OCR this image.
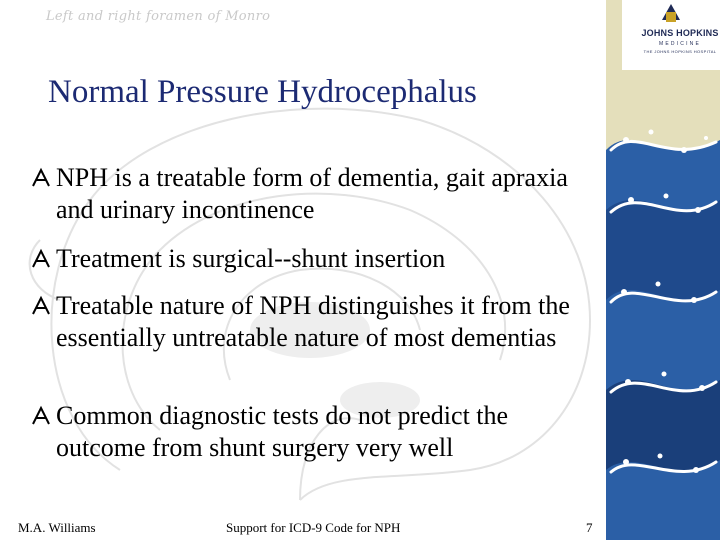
Left and right foramen of Monro
JOHNS HOPKINS
MEDICINE
THE JOHNS HOPKINS HOSPITAL
Normal Pressure Hydrocephalus
NPH is a treatable form of dementia, gait apraxia and urinary incontinence
Treatment is surgical--shunt insertion
Treatable nature of NPH distinguishes it from the essentially untreatable nature of most dementias
Common diagnostic tests do not predict the outcome from shunt surgery very well
M.A. Williams	Support for ICD-9 Code for NPH	7
